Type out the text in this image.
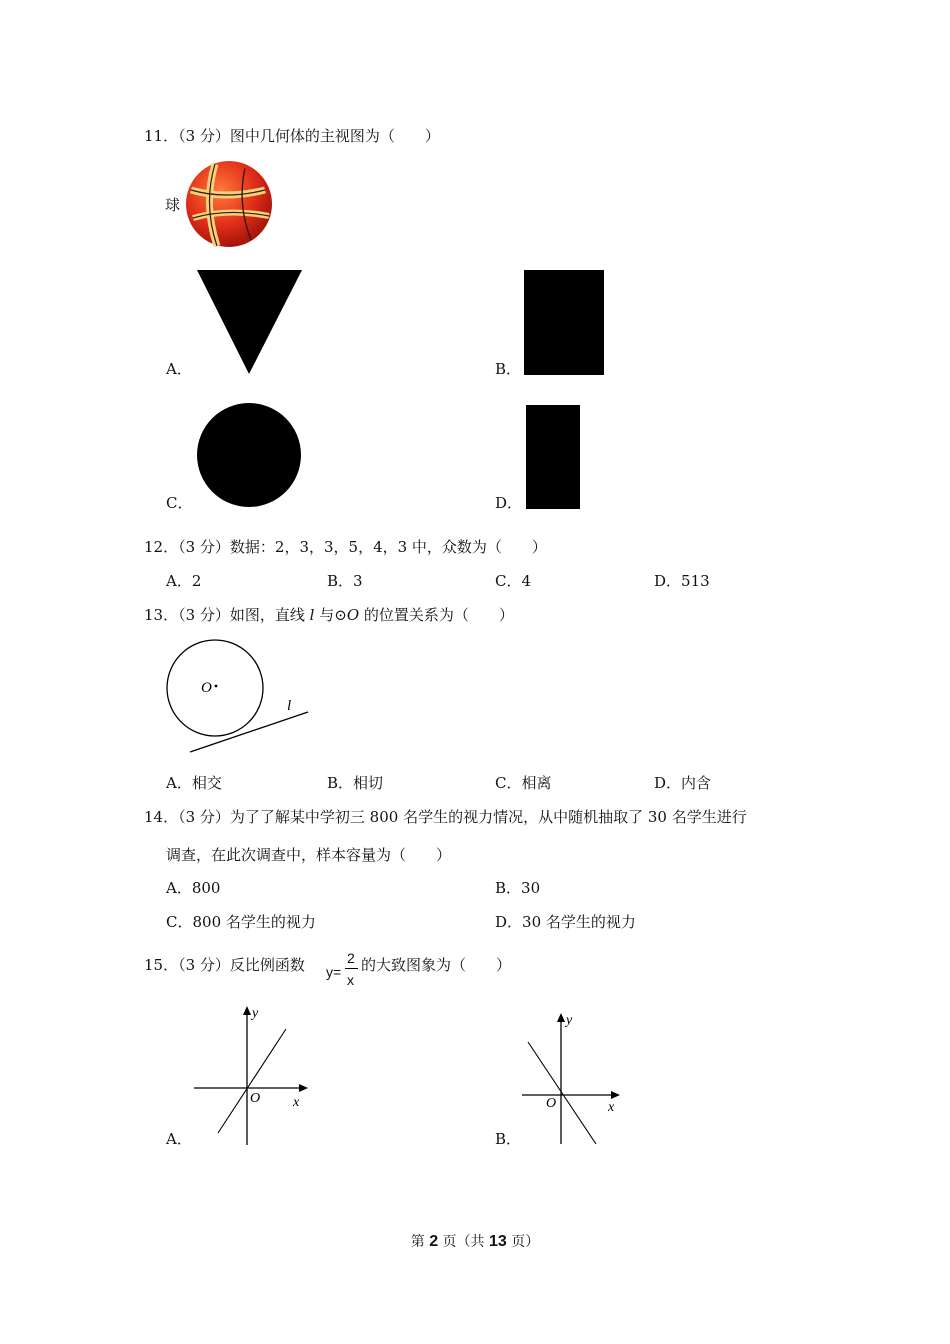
11．（3 分）图中几何体的主视图为（　　）
球
A．	B．
C．	D．
12．（3 分）数据：2，3，3，5，4，3 中，众数为（　　）
A．2	B．3	C．4	D．513
13．（3 分）如图，直线 l 与⊙O 的位置关系为（　　）
O
l
A．相交	B．相切	C．相离	D．内含
14．（3 分）为了了解某中学初三 800 名学生的视力情况，从中随机抽取了 30 名学生进行
调查，在此次调查中，样本容量为（　　）
A．800	B．30
C．800 名学生的视力	D．30 名学生的视力
15．（3 分）反比例函数 y=
2
x
的大致图象为（　　）
y
x
O
A．
y
x
O
B．
第 2 页（共 13 页）
